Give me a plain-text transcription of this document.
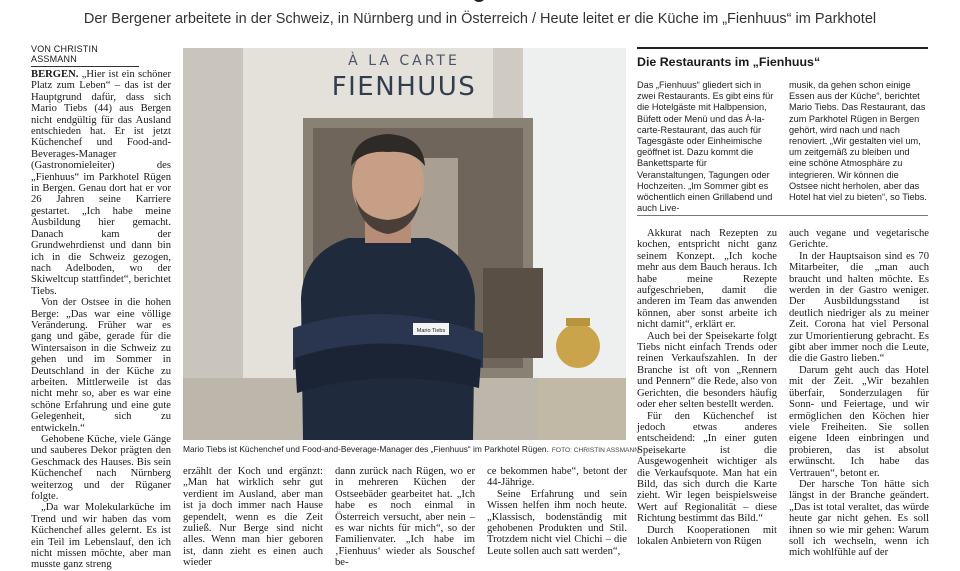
Der Bergener arbeitete in der Schweiz, in Nürnberg und in Österreich / Heute leitet er die Küche im „Fienhuus“ im Parkhotel
VON CHRISTIN ASSMANN

BERGEN. „Hier ist ein schöner Platz zum Leben“ – das ist der Hauptgrund dafür, dass sich Mario Tiebs (44) aus Bergen nicht endgültig für das Ausland entschieden hat. Er ist jetzt Küchenchef und Food-and-Beverages-Manager (Gastronomieleiter) des „Fienhuus“ im Parkhotel Rügen in Bergen. Genau dort hat er vor 26 Jahren seine Karriere gestartet. „Ich habe meine Ausbildung hier gemacht. Danach kam der Grundwehrdienst und dann bin ich in die Schweiz gezogen, nach Adelboden, wo der Skiweltcup stattfindet“, berichtet Tiebs.

Von der Ostsee in die hohen Berge: „Das war eine völlige Veränderung. Früher war es gang und gäbe, gerade für die Wintersaison in die Schweiz zu gehen und im Sommer in Deutschland in der Küche zu arbeiten. Mittlerweile ist das nicht mehr so, aber es war eine schöne Erfahrung und eine gute Gelegenheit, sich zu entwickeln.“

Gehobene Küche, viele Gänge und sauberes Dekor prägten den Geschmack des Hauses. Bis sein Küchenchef nach Nürnberg weiterzog und der Rüganer folgte.

„Da war Molekularküche im Trend und wir haben das vom Küchenchef alles gelernt. Es ist ein Teil im Lebenslauf, den ich nicht missen möchte, aber man musste ganz streng

Mario Tiebs
À LA CARTE
FIENHUUS
Mario Tiebs ist Küchenchef und Food-and-Beverage-Manager des „Fienhuus“ im Parkhotel Rügen. FOTO: CHRISTIN ASSMANN

erzählt der Koch und ergänzt: „Man hat wirklich sehr gut verdient im Ausland, aber man ist ja doch immer nach Hause gependelt, wenn es die Zeit zuließ. Nur Berge sind nicht alles. Wenn man hier geboren ist, dann zieht es einen auch wieder

dann zurück nach Rügen, wo er in mehreren Küchen der Ostseebäder gearbeitet hat. „Ich habe es noch einmal in Österreich versucht, aber nein – es war nichts für mich“, so der Familienvater. „Ich habe im ‚Fienhuus‘ wieder als Souschef be-

ce bekommen habe“, betont der 44-Jährige.

Seine Erfahrung und sein Wissen helfen ihm noch heute. „Klassisch, bodenständig mit gehobenen Produkten und Stil. Trotzdem nicht viel Chichi – die Leute sollen auch satt werden“,

Die Restaurants im „Fienhuus“
Das „Fienhuus“ gliedert sich in zwei Restaurants. Es gibt eins für die Hotelgäste mit Halbpension, Büfett oder Menü und das À-la-carte-Restaurant, das auch für Tagesgäste oder Einheimische geöffnet ist. Dazu kommt die Bankettsparte für Veranstaltungen, Tagungen oder Hochzeiten. „Im Sommer gibt es wöchentlich einen Grillabend und auch Live-
musik, da gehen schon einige Essen aus der Küche“, berichtet Mario Tiebs. Das Restaurant, das zum Parkhotel Rügen in Bergen gehört, wird nach und nach renoviert. „Wir gestalten viel um, um zeitgemäß zu bleiben und eine schöne Atmosphäre zu integrieren. Wir können die Ostsee nicht herholen, aber das Hotel hat viel zu bieten“, so Tiebs.

Akkurat nach Rezepten zu kochen, entspricht nicht ganz seinem Konzept. „Ich koche mehr aus dem Bauch heraus. Ich habe meine Rezepte aufgeschrieben, damit die anderen im Team das anwenden können, aber sonst arbeite ich nicht damit“, erklärt er.

Auch bei der Speisekarte folgt Tiebs nicht einfach Trends oder reinen Verkaufszahlen. In der Branche ist oft von „Rennern und Pennern“ die Rede, also von Gerichten, die besonders häufig oder eher selten bestellt werden.

Für den Küchenchef ist jedoch etwas anderes entscheidend: „In einer guten Speisekarte ist die Ausgewogenheit wichtiger als die Verkaufsquote. Man hat ein Bild, das sich durch die Karte zieht. Wir legen beispielsweise Wert auf Regionalität – diese Richtung bestimmt das Bild.“

Durch Kooperationen mit lokalen Anbietern von Rügen

auch vegane und vegetarische Gerichte.

In der Hauptsaison sind es 70 Mitarbeiter, die „man auch braucht und halten möchte. Es werden in der Gastro weniger. Der Ausbildungsstand ist deutlich niedriger als zu meiner Zeit. Corona hat viel Personal zur Umorientierung gebracht. Es gibt aber immer noch die Leute, die die Gastro lieben.“

Darum geht auch das Hotel mit der Zeit. „Wir bezahlen überfair, Sonderzulagen für Sonn- und Feiertage, und wir ermöglichen den Köchen hier viele Freiheiten. Sie sollen eigene Ideen einbringen und probieren, das ist absolut erwünscht. Ich habe das Vertrauen“, betont er.

Der harsche Ton hätte sich längst in der Branche geändert. „Das ist total veraltet, das würde heute gar nicht gehen. Es soll ihnen so wie mir gehen: Warum soll ich wechseln, wenn ich mich wohlfühle auf der
